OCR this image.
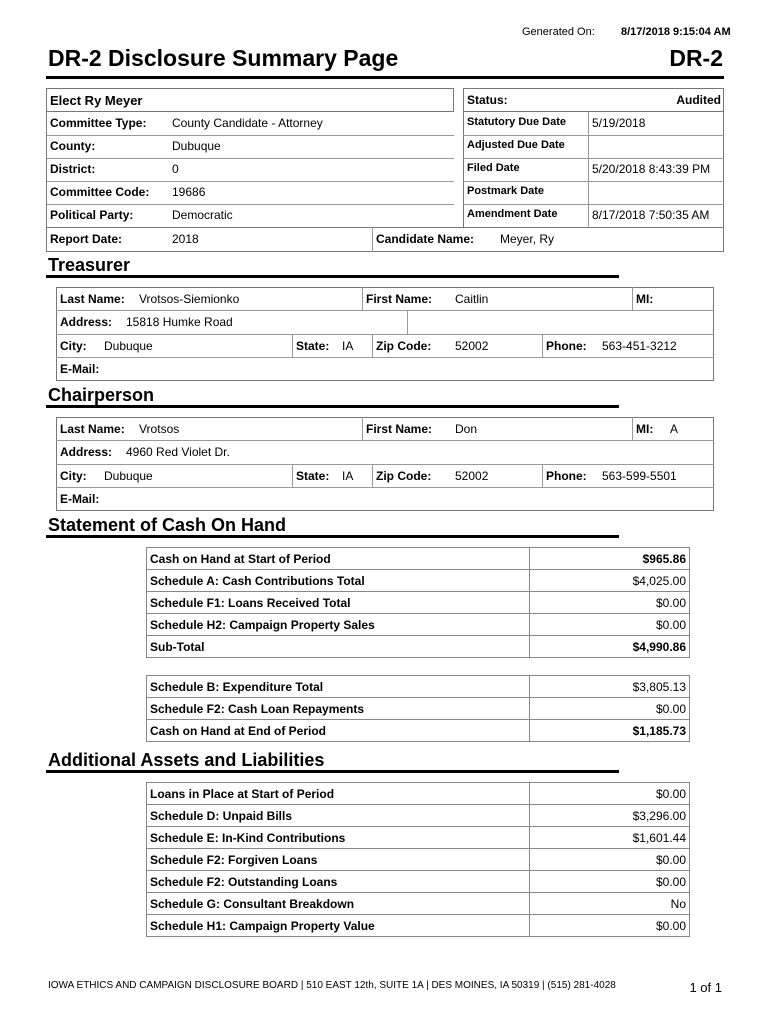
Generated On: 8/17/2018 9:15:04 AM
DR-2 Disclosure Summary Page	DR-2
Elect Ry Meyer
Committee Type: County Candidate - Attorney
County:	Dubuque
District:	0
Committee Code: 19686
Political Party:	Democratic
Report Date:	2018	Candidate Name: Meyer, Ry
Status:	Audited
Statutory Due Date 5/19/2018
Adjusted Due Date
Filed Date	5/20/2018 8:43:39 PM
Postmark Date
Amendment Date	8/17/2018 7:50:35 AM
Treasurer
Last Name: Vrotsos-Siemionko	First Name: Caitlin	MI:
Address: 15818 Humke Road
City: Dubuque	State: IA Zip Code: 52002	Phone: 563-451-3212
E-Mail:
Chairperson
Last Name: Vrotsos	First Name: Don	MI: A
Address: 4960 Red Violet Dr.
City: Dubuque	State: IA Zip Code: 52002	Phone: 563-599-5501
E-Mail:
Statement of Cash On Hand
Cash on Hand at Start of Period	$965.86
Schedule A: Cash Contributions Total	$4,025.00
Schedule F1: Loans Received Total	$0.00
Schedule H2: Campaign Property Sales	$0.00
Sub-Total	$4,990.86
Schedule B: Expenditure Total	$3,805.13
Schedule F2: Cash Loan Repayments	$0.00
Cash on Hand at End of Period	$1,185.73
Additional Assets and Liabilities
Loans in Place at Start of Period	$0.00
Schedule D: Unpaid Bills	$3,296.00
Schedule E: In-Kind Contributions	$1,601.44
Schedule F2: Forgiven Loans	$0.00
Schedule F2: Outstanding Loans	$0.00
Schedule G: Consultant Breakdown	No
Schedule H1: Campaign Property Value	$0.00
IOWA ETHICS AND CAMPAIGN DISCLOSURE BOARD | 510 EAST 12th, SUITE 1A | DES MOINES, IA 50319 | (515) 281-4028	1 of 1
